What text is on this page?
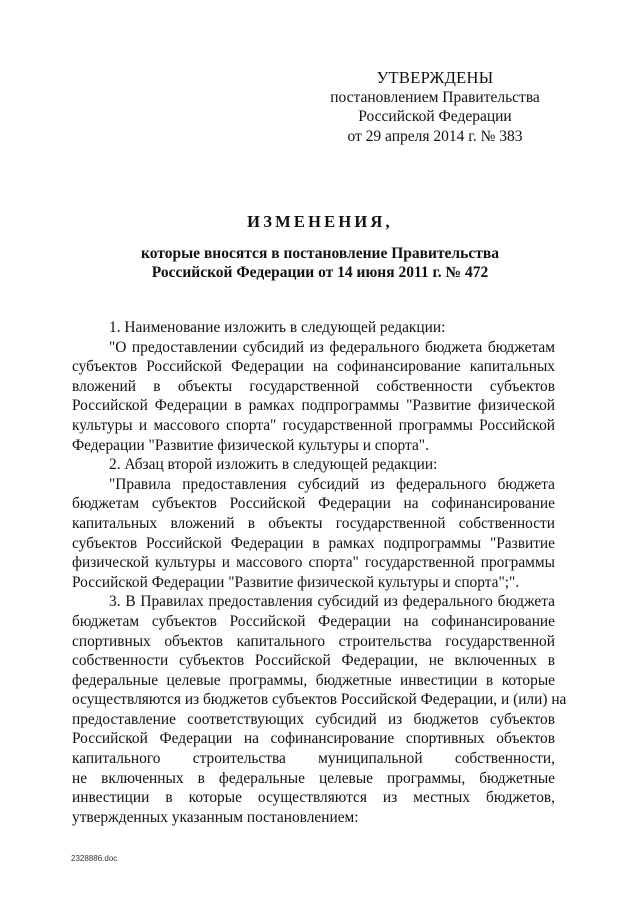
УТВЕРЖДЕНЫ
постановлением Правительства
Российской Федерации
от 29 апреля 2014 г. № 383
ИЗМЕНЕНИЯ,
которые вносятся в постановление Правительства
Российской Федерации от 14 июня 2011 г. № 472

1. Наименование изложить в следующей редакции:

"О предоставлении субсидий из федерального бюджета бюджетам
субъектов Российской Федерации на софинансирование капитальных
вложений в объекты государственной собственности субъектов
Российской Федерации в рамках подпрограммы "Развитие физической
культуры и массового спорта" государственной программы Российской
Федерации "Развитие физической культуры и спорта".

2. Абзац второй изложить в следующей редакции:

"Правила предоставления субсидий из федерального бюджета
бюджетам субъектов Российской Федерации на софинансирование
капитальных вложений в объекты государственной собственности
субъектов Российской Федерации в рамках подпрограммы "Развитие
физической культуры и массового спорта" государственной программы
Российской Федерации "Развитие физической культуры и спорта";".

3. В Правилах предоставления субсидий из федерального бюджета
бюджетам субъектов Российской Федерации на софинансирование
спортивных объектов капитального строительства государственной
собственности субъектов Российской Федерации, не включенных в
федеральные целевые программы, бюджетные инвестиции в которые
осуществляются из бюджетов субъектов Российской Федерации, и (или) на
предоставление соответствующих субсидий из бюджетов субъектов
Российской Федерации на софинансирование спортивных объектов
капитального строительства муниципальной собственности,
не включенных в федеральные целевые программы, бюджетные
инвестиции в которые осуществляются из местных бюджетов,
утвержденных указанным постановлением:

2328886.doc
